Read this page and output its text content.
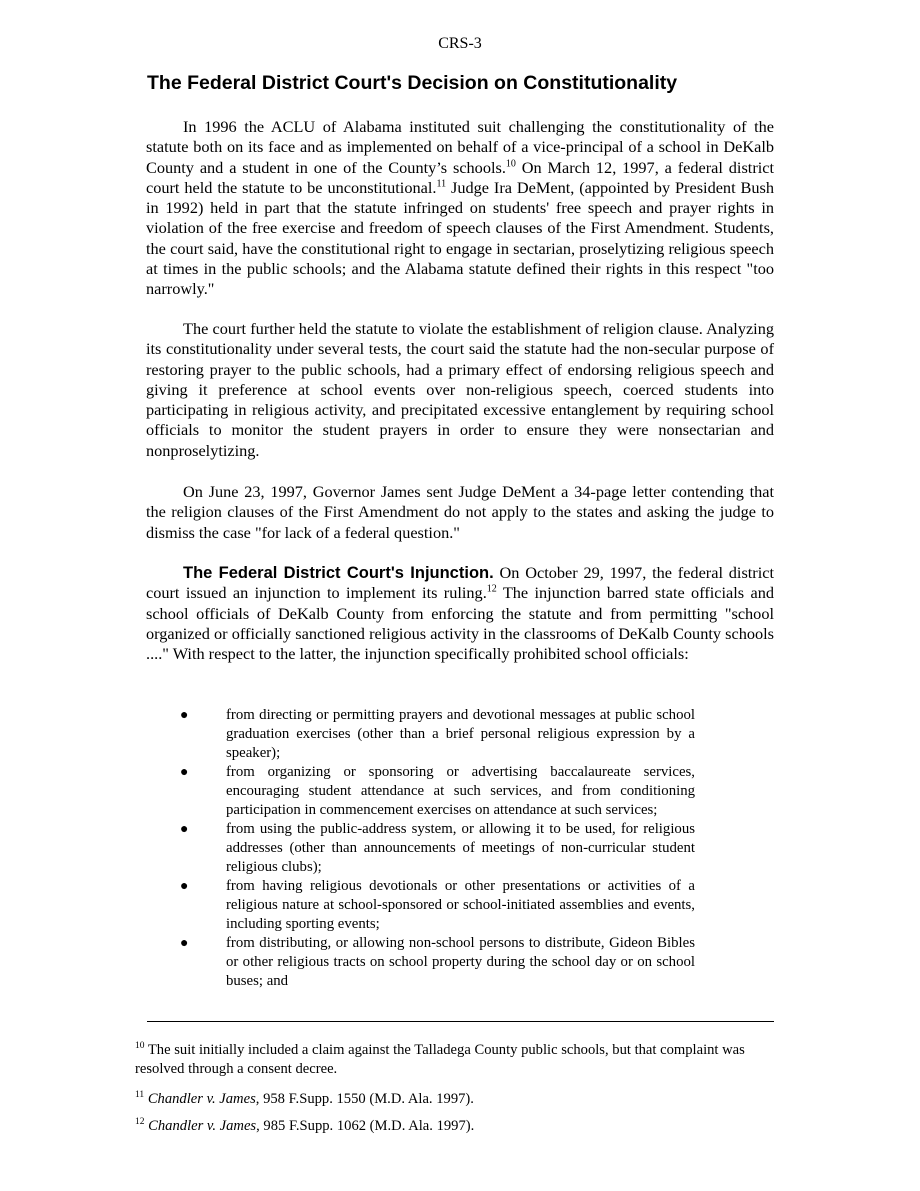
CRS-3
The Federal District Court's Decision on Constitutionality

In 1996 the ACLU of Alabama instituted suit challenging the constitutionality of the statute both on its face and as implemented on behalf of a vice-principal of a school in DeKalb County and a student in one of the County’s schools.$^{10}$ On March 12, 1997, a federal district court held the statute to be unconstitutional.$^{11}$ Judge Ira DeMent, (appointed by President Bush in 1992) held in part that the statute infringed on students' free speech and prayer rights in violation of the free exercise and freedom of speech clauses of the First Amendment. Students, the court said, have the constitutional right to engage in sectarian, proselytizing religious speech at times in the public schools; and the Alabama statute defined their rights in this respect "too narrowly."

The court further held the statute to violate the establishment of religion clause. Analyzing its constitutionality under several tests, the court said the statute had the non-secular purpose of restoring prayer to the public schools, had a primary effect of endorsing religious speech and giving it preference at school events over non-religious speech, coerced students into participating in religious activity, and precipitated excessive entanglement by requiring school officials to monitor the student prayers in order to ensure they were nonsectarian and nonproselytizing.

On June 23, 1997, Governor James sent Judge DeMent a 34-page letter contending that the religion clauses of the First Amendment do not apply to the states and asking the judge to dismiss the case "for lack of a federal question."

The Federal District Court's Injunction. On October 29, 1997, the federal district court issued an injunction to implement its ruling.$^{12}$ The injunction barred state officials and school officials of DeKalb County from enforcing the statute and from permitting "school organized or officially sanctioned religious activity in the classrooms of DeKalb County schools ...." With respect to the latter, the injunction specifically prohibited school officials:

●	from directing or permitting prayers and devotional messages at public school graduation exercises (other than a brief personal religious expression by a speaker);
●	from organizing or sponsoring or advertising baccalaureate services, encouraging student attendance at such services, and from conditioning participation in commencement exercises on attendance at such services;
●	from using the public-address system, or allowing it to be used, for religious addresses (other than announcements of meetings of non-curricular student religious clubs);
●	from having religious devotionals or other presentations or activities of a religious nature at school-sponsored or school-initiated assemblies and events, including sporting events;
●	from distributing, or allowing non-school persons to distribute, Gideon Bibles or other religious tracts on school property during the school day or on school buses; and

$^{10}$ The suit initially included a claim against the Talladega County public schools, but that complaint was resolved through a consent decree.

$^{11}$ Chandler v. James, 958 F.Supp. 1550 (M.D. Ala. 1997).

$^{12}$ Chandler v. James, 985 F.Supp. 1062 (M.D. Ala. 1997).
